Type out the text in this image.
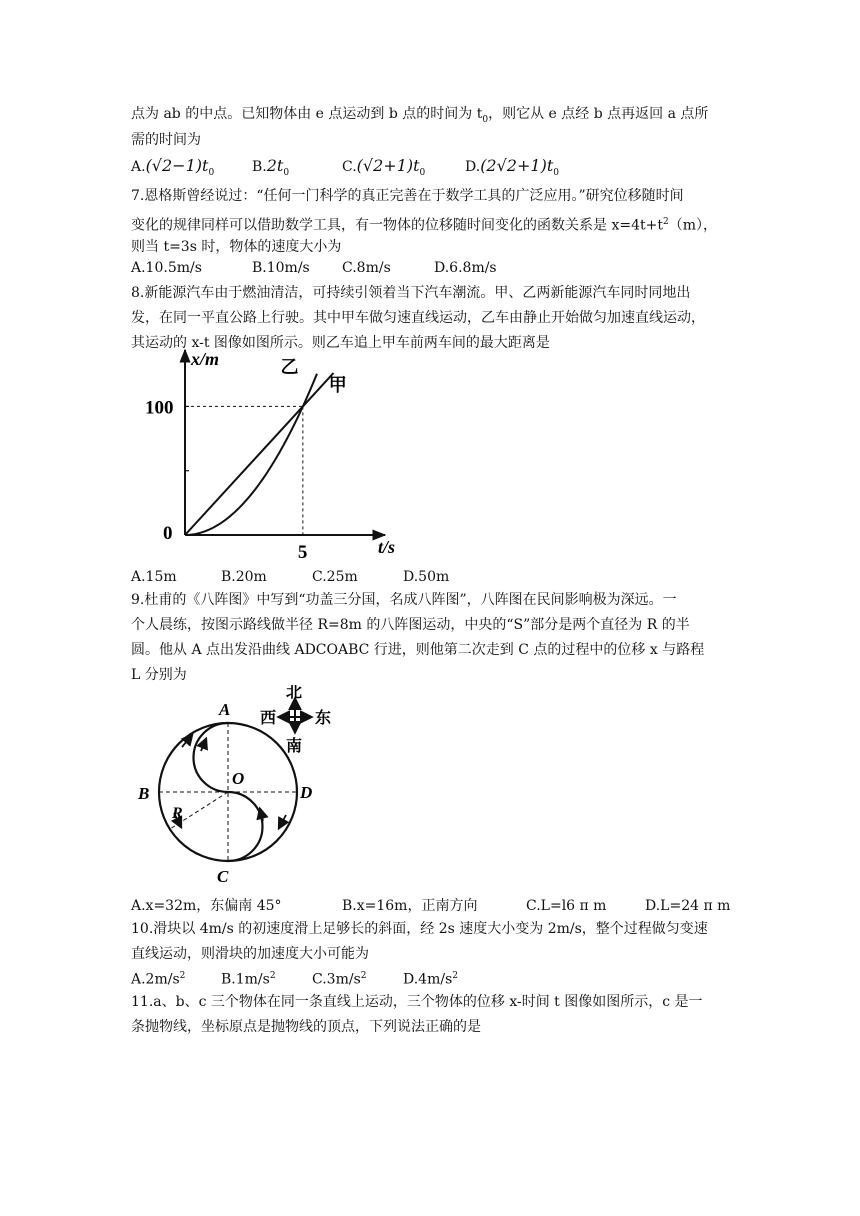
点为 ab 的中点。已知物体由 e 点运动到 b 点的时间为 $t_0$，则它从 e 点经 b 点再返回 a 点所
需的时间为
$A.(√2-1)t_0$	$B.2t_0$	$C.(√2+1)t_0$	$D.(2√2+1)t_0$
7.恩格斯曾经说过：“任何一门科学的真正完善在于数学工具的广泛应用。”研究位移随时间
变化的规律同样可以借助数学工具，有一物体的位移随时间变化的函数关系是 $x=4t+t^2(m)$，
则当 t=3s 时，物体的速度大小为
A.10.5m/s	B.10m/s C.8m/s	D.6.8m/s
8.新能源汽车由于燃油清洁，可持续引领着当下汽车潮流。甲、乙两新能源汽车同时同地出
发，在同一平直公路上行驶。其中甲车做匀速直线运动，乙车由静止开始做匀加速直线运动，
其运动的 x-t 图像如图所示。则乙车追上甲车前两车间的最大距离是
x/m
t/s
0
100
5
甲
乙
A.15m	B.20m	C.25m	D.50m
9.杜甫的《八阵图》中写到“功盖三分国，名成八阵图”，八阵图在民间影响极为深远。一
个人晨练，按图示路线做半径 R=8m 的八阵图运动，中央的“S”部分是两个直径为 R 的半
圆。他从 A 点出发沿曲线 ADCOABC 行进，则他第二次走到 C 点的过程中的位移 x 与路程
L 分别为
A
B
C
D
O
R
北
西 东
南
A.x=32m，东偏南 45°	B.x=16m，正南方向	C.L=l6 π m	D.L=24 π m
10.滑块以 4m/s 的初速度滑上足够长的斜面，经 2s 速度大小变为 2m/s，整个过程做匀变速
直线运动，则滑块的加速度大小可能为
$A.2m/s^2$	$B.1m/s^2$	$C.3m/s^2$	$D.4m/s^2$
11.a、b、c 三个物体在同一条直线上运动，三个物体的位移 x-时间 t 图像如图所示，c 是一
条抛物线，坐标原点是抛物线的顶点，下列说法正确的是
